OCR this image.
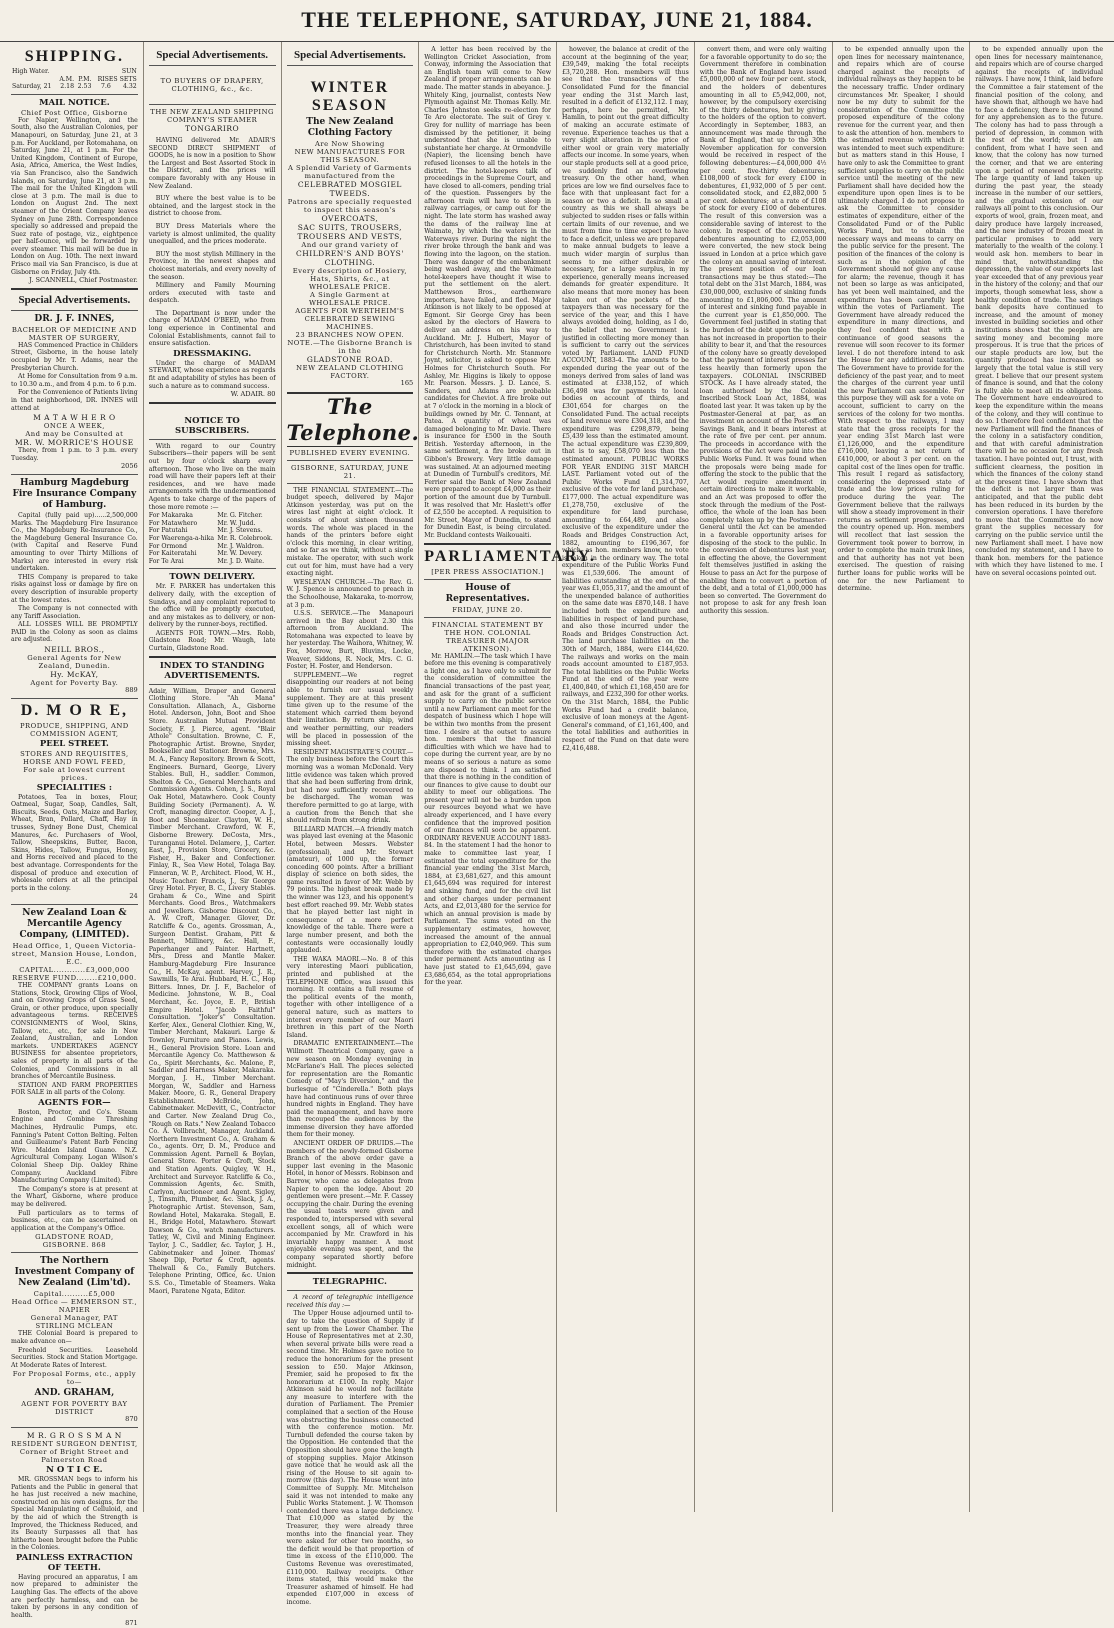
THE TELEPHONE, SATURDAY, JUNE 21, 1884.
SHIPPING.
High Water.			SUN	
	A.M.	P.M.	RISES SETS	
Saturday, 21	2.18	2.53	7.6	4.32
MAIL NOTICE.
Chief Post Office, Gisborne

For Napier, Wellington, and the South, also the Australian Colonies, per Manapouri, on Saturday, June 21, at 3 p.m. For Auckland, per Rotomahana, on Saturday, June 21, at 1 p.m. For the United Kingdom, Continent of Europe, Asia, Africa, America, the West Indies, via San Francisco, also the Sandwich Islands, on Saturday, June 21, at 3 p.m. The mail for the United Kingdom will close at 3 p.m. The mail is due to London on August 2nd. The next steamer of the Orient Company leaves Sydney on June 28th. Correspondence specially so addressed and prepaid the Suez rate of postage, viz., eightpence per half-ounce, will be forwarded by every steamer. This mail will be due in London on Aug. 10th. The next inward Frisco mail via San Francisco, is due at Gisborne on Friday, July 4th.

J. SCANNELL, Chief Postmaster.
Special Advertisements.
DR. J. F. INNES,
BACHELOR OF MEDICINE AND MASTER OF SURGERY,

HAS Commenced Practice in Childers Street, Gisborne, in the house lately occupied by Mr. T. Adams, near the Presbyterian Church.

At Home for Consultation from 9 a.m. to 10.30 a.m., and from 4 p.m. to 6 p.m.

For the Convenience of Patients living in that neighborhood, DR. INNES will attend at

M A T A W H E R O
ONCE A WEEK,
And may be Consulted at
MR. W. MORRICE'S HOUSE

There, from 1 p.m. to 3 p.m. every Tuesday.

2056
Hamburg Magdeburg Fire Insurance Company of Hamburg.

Capital (fully paid up)......2,500,000 Marks. The Magdeburg Fire Insurance Co., the Magdeburg Re-Insurance Co., the Magdeburg General Insurance Co. (with Capital and Reserve Fund amounting to over Thirty Millions of Marks) are interested in every risk undertaken.

THIS Company is prepared to take risks against loss or damage by fire on every description of insurable property at the lowest rates.

The Company is not connected with any Tariff Association.

ALL LOSSES WILL BE PROMPTLY PAID in the Colony as soon as claims are adjusted.

NEILL BROS.,
General Agents for New Zealand, Dunedin.
Hy. McKAY,
Agent for Poverty Bay.
889
D. M O R E,
PRODUCE, SHIPPING, AND COMMISSION AGENT,
PEEL STREET.
STORES AND REQUISITES, HORSE AND FOWL FEED,
For sale at lowest current prices.
SPECIALITIES :

Potatoes, Tea in boxes, Flour, Oatmeal, Sugar, Soap, Candles, Salt, Biscuits, Seeds, Oats, Maize and Barley, Wheat, Bran, Pollard, Chaff, Hay in trusses, Sydney Bone Dust, Chemical Manures, &c. Purchasers of Wool, Tallow, Sheepskins, Butter, Bacon, Skins, Hides, Tallow, Fungus, Honey, and Horns received and placed to the best advantage. Correspondents for the disposal of produce and execution of wholesale orders at all the principal ports in the colony.

24
New Zealand Loan & Mercantile Agency Company, (LIMITED).
Head Office, 1, Queen Victoria-street, Mansion House, London, E.C.
CAPITAL............£3,000,000
RESERVE FUND........£210,000.

THE COMPANY grants Loans on Stations, Stock, Growing Clips of Wool, and on Growing Crops of Grass Seed, Grain, or other produce, upon specially advantageous terms. RECEIVES CONSIGNMENTS of Wool, Skins, Tallow, etc., etc., for sale in New Zealand, Australian, and London markets. UNDERTAKES AGENCY BUSINESS for absentee proprietors, sales of property in all parts of the Colonies, and Commissions in all branches of Mercantile Business.

STATION AND FARM PROPERTIES FOR SALE in all parts of the Colony.

AGENTS FOR—

Boston, Proctor, and Co's. Steam Engine and Combine Threshing Machines, Hydraulic Pumps, etc. Fanning's Patent Cotton Belting. Felten and Guilleaume's Patent Barb Fencing Wire. Malden Island Guano. N.Z. Agricultural Company. Logan Wilson's Colonial Sheep Dip. Oakley Rhine Company. Auckland Fibre Manufacturing Company (Limited).

The Company's store is at present at the Wharf, Gisborne, where produce may be delivered.

Full particulars as to terms of business, etc., can be ascertained on application at the Company's Office.

GLADSTONE ROAD, GISBORNE. 868
The Northern Investment Company of New Zealand (Lim'td).
Capital..........£5,000
Head Office — EMMERSON ST., NAPIER
General Manager, PAT STIRLING MCLEAN

THE Colonial Board is prepared to make advance on—

Freehold Securities. Leasehold Securities. Stock and Station Mortgage. At Moderate Rates of Interest.

For Proposal Forms, etc., apply to—
AND. GRAHAM,
AGENT FOR POVERTY BAY DISTRICT
870
M R. G R O S S M A N
RESIDENT SURGEON DENTIST,
Corner of Bright Street and Palmerston Road
N O T I C E.

MR. GROSSMAN begs to inform his Patients and the Public in general that he has just received a new machine, constructed on his own designs, for the Special Manipulating of Celluloid, and by the aid of which the Strength is Improved, the Thickness Reduced, and its Beauty Surpasses all that has hitherto been brought before the Public in the Colonies.

PAINLESS EXTRACTION OF TEETH.

Having procured an apparatus, I am now prepared to administer the Laughing Gas. The effects of the above are perfectly harmless, and can be taken by persons in any condition of health.

871
Special Advertisements.
TO BUYERS OF DRAPERY, CLOTHING, &c., &c.
THE NEW ZEALAND SHIPPING COMPANY'S STEAMER
TONGARIRO

HAVING delivered Mr. ADAIR'S SECOND DIRECT SHIPMENT of GOODS, he is now in a position to Show the Largest and Best Assorted Stock in the District, and the prices will compare favorably with any House in New Zealand.

BUY where the best value is to be obtained, and the largest stock in the district to choose from.

BUY Dress Materials where the variety is almost unlimited, the quality unequalled, and the prices moderate.

BUY the most stylish Millinery in the Province, in the newest shapes and choicest materials, and every novelty of the season.

Millinery and Family Mourning orders executed with taste and despatch.

The Department is now under the charge of MADAM O'BEED, who from long experience in Continental and Colonial Establishments, cannot fail to ensure satisfaction.

DRESSMAKING.

Under the charge of MADAM STEWART, whose experience as regards fit and adaptability of styles has been of such a nature as to command success.

W. ADAIR. 80
NOTICE TO SUBSCRIBERS.

With regard to our Country Subscribers—their papers will be sent out by four o'clock sharp every afternoon. Those who live on the main road will have their papers left at their residences, and we have made arrangements with the undermentioned Agents to take charge of the papers of those more remote :—

For Makaraka	Mr. G. Fitcher.
For Matawhero	Mr. W. Judd.
For Patutahi	Mr. J. Stevens.
For Waerenga-a-hika	Mr. R. Colebrook.
For Ormond	Mr. J. Waldron.
For Kaiteratahi	Mr. W. Devery.
For Te Arai	Mr. J. D. Waite.
TOWN DELIVERY.

Mr. F. PARKER has undertaken this delivery daily, with the exception of Sundays, and any complaint reported to the office will be promptly executed, and any mistakes as to delivery, or non-delivery by the runner-boys, rectified.

AGENTS FOR TOWN.—Mrs. Robb, Gladstone Road; Mr. Waugh, late Curtain, Gladstone Road.

INDEX TO STANDING ADVERTISEMENTS.

Adair, William, Draper and General Clothing Store. "Ah Mana" Consultation. Allanach, A., Gisborne Hotel. Anderson, John, Boot and Shoe Store. Australian Mutual Provident Society, F. J. Pierce, agent. "Blair Athole" Consultation. Browne, C. F., Photographic Artist. Browne, Snyder, Bookseller and Stationer. Browne, Mrs. M. A., Fancy Repository. Brown & Scott, Engineers. Burnard, George, Livery Stables. Bull, H., saddler. Common, Shelton & Co., General Merchants and Commission Agents. Cohen, J. S., Royal Oak Hotel, Matawhero. Cook County Building Society (Permanent). A. W. Croft, managing director. Cooper, A. J., Boot and Shoemaker. Clayton, W. H., Timber Merchant. Crawford, W. F., Gisborne Brewery. DeCosta, Mrs., Turanganui Hotel. Delamere, J., Carter. East, J., Provision Store, Grocery, &c. Fisher, H., Baker and Confectioner. Finlay, R., Sea View Hotel, Tolaga Bay. Finneran, W. P., Architect. Flood, W. H., Music Teacher. Francis, J., Sir George Grey Hotel. Fryer, B. C., Livery Stables. Graham & Co., Wine and Spirit Merchants. Good Bros., Watchmakers and Jewellers. Gisborne Discount Co., A. W. Croft, Manager. Glover, Dr. Ratcliffe & Co., agents. Grossman, A., Surgeon Dentist. Graham, Pitt & Bennett, Millinery, &c. Hall, F., Paperhanger and Painter. Hartnett, Mrs., Dress and Mantle Maker. Hamburg-Magdeburg Fire Insurance Co., H. McKay, agent. Harvey, J. R., Sawmills, Te Arai. Hubbard, H. C., Hop Bitters. Innes, Dr. J. F., Bachelor of Medicine. Johnstone, W. B., Coal Merchant, &c. Joyce, E. P., British Empire Hotel. "Jacob Faithful" Consultation. "Joker's" Consultation. Kerfer, Alex., General Clothier. King, W., Timber Merchant, Makauri. Large & Townley, Furniture and Pianos. Lewis, H., General Provision Store. Loan and Mercantile Agency Co. Matthewson & Co., Spirit Merchants, &c. Malone, P., Saddler and Harness Maker, Makaraka. Morgan, J. H., Timber Merchant. Morgan, W., Saddler and Harness Maker. Moore, G. R., General Drapery Establishment. McBride, John, Cabinetmaker. McDevitt, C., Contractor and Carter. New Zealand Drug Co., "Rough on Rats." New Zealand Tobacco Co. A. Vollbracht, Manager, Auckland. Northern Investment Co., A. Graham & Co., agents. Orr, D. M., Produce and Commission Agent. Parnell & Boylan, General Store. Porter & Croft, Stock and Station Agents. Quigley, W. H., Architect and Surveyor. Ratcliffe & Co., Commission Agents, &c. Smith, Carlyon, Auctioneer and Agent. Sigley, J., Tinsmith, Plumber, &c. Slack, J. A., Photographic Artist. Stevenson, Sam, Rowland Hotel, Makaraka. Stegall, E. H., Bridge Hotel, Matawhero. Stewart Dawson & Co., watch manufacturers. Tatley, W., Civil and Mining Engineer. Taylor, J. C., Saddler, &c. Taylor, J. H., Cabinetmaker and Joiner. Thomas' Sheep Dip, Porter & Croft, agents. Thelwall & Co., Family Butchers. Telephone Printing, Office, &c. Union S.S. Co., Timetable of Steamers. Waka Maori, Paratene Ngata, Editor.

Special Advertisements.
WINTER SEASON
The New Zealand Clothing Factory
Are Now Showing
NEW MANUFACTURES FOR THIS SEASON.
A Splendid Variety of Garments manufactured from the
CELEBRATED MOSGIEL TWEEDS.
Patrons are specially requested to inspect this season's
OVERCOATS,
SAC SUITS, TROUSERS,
TROUSERS AND VESTS,
And our grand variety of
CHILDREN'S AND BOYS' CLOTHING.
Every description of Hosiery, Hats, Shirts, &c., at WHOLESALE PRICE.
A Single Garment at WHOLESALE PRICE.
AGENTS FOR WERTHEIM'S CELEBRATED SEWING MACHINES.
23 BRANCHES NOW OPEN.
NOTE.—The Gisborne Branch is in the
GLADSTONE ROAD.
NEW ZEALAND CLOTHING FACTORY.
165
The Telephone.
PUBLISHED EVERY EVENING.
GISBORNE, SATURDAY, JUNE 21.

THE FINANCIAL STATEMENT.—The budget speech, delivered by Major Atkinson yesterday, was put on the wires last night at eight o'clock. It consists of about sixteen thousand words. The whole was placed in the hands of the printers before eight o'clock this morning, in clear writing, and so far as we think, without a single mistake. The operator, with such work cut out for him, must have had a very exacting night.

WESLEYAN CHURCH.—The Rev. G. W. J. Spence is announced to preach in the Schoolhouse, Makaraka, to-morrow, at 3 p.m.

U.S.S. SERVICE.—The Manapouri arrived in the Bay about 2.30 this afternoon from Auckland. The Rotomahana was expected to leave by her yesterday. The Waihora, Whitney, W. Fox, Morrow, Burt, Bluvins, Locke, Weaver, Siddons, R. Nock, Mrs. C. G. Foster, H. Foster, and Henderson.

SUPPLEMENT.—We regret disappointing our readers at not being able to furnish our usual weekly supplement. They are at this present time given up to the resume of the statement which carried them beyond their limitation. By return ship, wind and weather permitting, our readers will be placed in possession of the missing sheet.

RESIDENT MAGISTRATE'S COURT.—The only business before the Court this morning was a woman McDonald. Very little evidence was taken which proved that she had been suffering from drink, but had now sufficiently recovered to be discharged. The woman was therefore permitted to go at large, with a caution from the Bench that she should refrain from strong drink.

BILLIARD MATCH.—A friendly match was played last evening at the Masonic Hotel, between Messrs. Webster (professional), and Mr. Stewart (amateur), of 1000 up, the former conceding 600 points. After a brilliant display of science on both sides, the game resulted in favor of Mr. Webb by 79 points. The highest break made by the winner was 123, and his opponent's best effort reached 99. Mr. Webb states that he played better last night in consequence of a more perfect knowledge of the table. There were a large number present, and both the contestants were occasionally loudly applauded.

THE WAKA MAORI.—No. 8 of this very interesting Maori publication, printed and published at the TELEPHONE Office, was issued this morning. It contains a full resume of the political events of the month, together with other intelligence of a general nature, such as matters to interest every member of our Maori brethren in this part of the North Island.

DRAMATIC ENTERTAINMENT.—The Willmott Theatrical Company, gave a new season on Monday evening in McFarlane's Hall. The pieces selected for representation are the Romantic Comedy of "May's Diversion," and the burlesque of "Cinderella." Both plays have had continuous runs of over three hundred nights in England. They have paid the management, and have more than recouped the audiences by the immense diversion they have afforded them for their money.

ANCIENT ORDER OF DRUIDS.—The members of the newly-formed Gisborne Branch of the above order gave a supper last evening in the Masonic Hotel, in honor of Messrs. Robinson and Barrow, who came as delegates from Napier to open the lodge. About 20 gentlemen were present.—Mr. F. Cassey occupying the chair. During the evening the usual toasts were given and responded to, interspersed with several excellent songs, all of which were accompanied by Mr. Crawford in his invariably happy manner. A most enjoyable evening was spent, and the company separated shortly before midnight.

TELEGRAPHIC.

A record of telegraphic intelligence received this day :—

The Upper House adjourned until to-day to take the question of Supply if sent up from the Lower Chamber. The House of Representatives met at 2.30, when several private bills were read a second time. Mr. Holmes gave notice to reduce the honorarium for the present session to £50. Major Atkinson, Premier, said he proposed to fix the honorarium at £100. In reply, Major Atkinson said he would not facilitate any measure to interfere with the duration of Parliament. The Premier complained that a section of the House was obstructing the business connected with the conference motion. Mr. Turnbull defended the course taken by the Opposition. He contended that the Opposition should have gone the length of stopping supplies. Major Atkinson gave notice that he would ask all the rising of the House to sit again to-morrow (this day). The House went into Committee of Supply. Mr. Mitchelson said it was not intended to make any Public Works Statement. J. W. Thomson contended there was a large deficiency. That £10,000 as stated by the Treasurer, they were already three months into the financial year. They were asked for other two months, so the deficit would be that proportion of time in excess of the £110,000. The Customs Revenue was overestimated, £110,000. Railway receipts. Other items stated, this would make the Treasurer ashamed of himself. He had expended £107,000 in excess of income.

A letter has been received by the Wellington Cricket Association, from Conway, informing the Association that an English team will come to New Zealand if proper arrangements can be made. The matter stands in abeyance. J. Whitely King, journalist, contests New Plymouth against Mr. Thomas Kelly. Mr. Charles Johnston seeks re-election for Te Aro electorate. The suit of Grey v. Grey for nullity of marriage has been dismissed by the petitioner, it being understood that she is unable to substantiate her charge. At Ormondville (Napier), the licensing bench have refused licenses to all the hotels in the district. The hotel-keepers talk of proceedings in the Supreme Court, and have closed to all-comers, pending trial of the question. Passengers by the afternoon train will have to sleep in railway carriages, or camp out for the night. The late storm has washed away the dams of the railway line at Waimate, by which the waters in the Waterways river. During the night the river broke through the bank and was flowing into the lagoon, on the station. There was danger of the embankment being washed away, and the Waimate hotel-keepers have thought it wise to put the settlement on the alert. Matthewson Bros., earthenware importers, have failed, and fled. Major Atkinson is not likely to be opposed at Egmont. Sir George Grey has been asked by the electors of Hawera to deliver an address on his way to Auckland. Mr. J. Hulbert, Mayor of Christchurch, has been invited to stand for Christchurch North. Mr. Stanmore Joynt, solicitor, is asked to oppose Mr. Holmes for Christchurch South. For Ashley, Mr. Higgins is likely to oppose Mr. Pearson. Messrs. J. D. Lance, S. Sanders, and Adams are probable candidates for Cheviot. A fire broke out at 7 o'clock in the morning in a block of buildings owned by Mr. C. Tennant, at Patea. A quantity of wheat was damaged belonging to Mr. Davie. There is insurance for £500 in the South British. Yesterday afternoon, in the same settlement, a fire broke out in Gibbon's Brewery. Very little damage was sustained. At an adjourned meeting at Dunedin of Turnbull's creditors, Mr. Ferrier said the Bank of New Zealand were prepared to accept £4,000 as their portion of the amount due by Turnbull. It was resolved that Mr. Haslett's offer of £2,550 be accepted. A requisition to Mr. Street, Mayor of Dunedin, to stand for Dunedin East, is being circulated. Mr. Buckland contests Waikouaiti.

PARLIAMENTARY.
[PER PRESS ASSOCIATION.]
House of Representatives.
FRIDAY, JUNE 20.
FINANCIAL STATEMENT BY THE HON. COLONIAL TREASURER (MAJOR ATKINSON).

Mr. HAMLIN.—The task which I have before me this evening is comparatively a light one, as I have only to submit for the consideration of committee the financial transactions of the past year, and ask for the grant of a sufficient supply to carry on the public service until a new Parliament can meet for the despatch of business which I hope will be within two months from the present time. I desire at the outset to assure hon. members that the financial difficulties with which we have had to cope during the current year, are by no means of so serious a nature as some are disposed to think. I am satisfied that there is nothing in the condition of our finances to give cause to doubt our ability to meet our obligations. The present year will not be a burden upon our resources beyond what we have already experienced, and I have every confidence that the improved position of our finances will soon be apparent. ORDINARY REVENUE ACCOUNT 1883-84. In the statement I had the honor to make to committee last year, I estimated the total expenditure for the financial year ending the 31st March, 1884, at £3,681,627, and this amount £1,645,694 was required for interest and sinking fund, and for the civil list and other charges under permanent Acts, and £2,013,480 for the service for which an annual provision is made by Parliament. The sums voted on the supplementary estimates, however, increased the amount of the annual appropriation to £2,040,969. This sum therefore with the estimated charges under permanent Acts amounting as I have just stated to £1,645,694, gave £3,686,654, as the total appropriations for the year.

however, the balance at credit of the account at the beginning of the year, £39,549, making the total receipts £3,720,288. Hon. members will thus see that the transactions of the Consolidated Fund for the financial year ending the 31st March last, resulted in a deficit of £132,112. I may, perhaps, here be permitted, Mr. Hamlin, to point out the great difficulty of making an accurate estimate of revenue. Experience teaches us that a very slight alteration in the price of either wool or grain very materially affects our income. In some years, when our staple products sell at a good price, we suddenly find an overflowing treasury. On the other hand, when prices are low we find ourselves face to face with that unpleasant fact for a season or two a deficit. In so small a country as this we shall always be subjected to sudden rises or falls within certain limits of our revenue, and we must from time to time expect to have to face a deficit, unless we are prepared to make annual budgets to leave a much wider margin of surplus than seems to me either desirable or necessary, for a large surplus, in my experience, generally means increased demands for greater expenditure. It also means that more money has been taken out of the pockets of the taxpayers than was necessary for the service of the year, and this I have always avoided doing, holding, as I do, the belief that no Government is justified in collecting more money than is sufficient to carry out the services voted by Parliament. LAND FUND ACCOUNT, 1883-4. The amounts to be expended during the year out of the moneys derived from sales of land was estimated at £338,152, of which £36,498 was for payments to local bodies on account of thirds, and £301,654 for charges on the Consolidated Fund. The actual receipts of land revenue were £304,318, and the expenditure was £298,879, being £5,439 less than the estimated amount. The actual expenditure was £239,809, that is to say, £58,070 less than the estimated amount. PUBLIC WORKS FOR YEAR ENDING 31ST MARCH LAST. Parliament voted out of the Public Works Fund £1,314,707, exclusive of the vote for land purchase, £177,000. The actual expenditure was £1,278,750, exclusive of the expenditure for land purchase, amounting to £64,489, and also exclusive of the expenditure under the Roads and Bridges Construction Act, 1882, amounting to £196,367, for which, as hon. members know, no vote is taken in the ordinary way. The total expenditure of the Public Works Fund was £1,539,606. The amount of liabilities outstanding at the end of the year was £1,055,317, and the amount of the unexpended balance of authorities on the same date was £870,148. I have included both the expenditure and liabilities in respect of land purchase, and also those incurred under the Roads and Bridges Construction Act. The land purchase liabilities on the 30th of March, 1884, were £144,620. The railways and works on the main roads account amounted to £187,953. The total liabilities on the Public Works Fund at the end of the year were £1,400,840, of which £1,168,450 are for railways, and £232,390 for other works. On the 31st March, 1884, the Public Works Fund had a credit balance, exclusive of loan moneys at the Agent-General's command, of £1,161,400, and the total liabilities and authorities in respect of the Fund on that date were £2,416,488.

convert them, and were only waiting for a favorable opportunity to do so; the Government therefore in combination with the Bank of England have issued £5,000,000 of new four per cent. stock, and the holders of debentures amounting in all to £5,942,000, not, however, by the compulsory exercising of the thirty debentures, but by giving to the holders of the option to convert. Accordingly in September, 1883, an announcement was made through the Bank of England, that up to the 30th November application for conversion would be received in respect of the following debentures:—£4,000,000 4½ per cent. five-thirty debentures; £108,000 of stock for every £100 in debentures, £1,932,000 of 5 per cent. consolidated stock, and £2,882,000 5 per cent. debentures; at a rate of £108 of stock for every £100 of debentures. The result of this conversion was a considerable saving of interest to the colony. In respect of the conversion, debentures amounting to £2,053,000 were converted, the new stock being issued in London at a price which gave the colony an annual saving of interest. The present position of our loan transactions may be thus stated:—The total debt on the 31st March, 1884, was £30,000,000, exclusive of sinking funds amounting to £1,806,000. The amount of interest and sinking fund payable in the current year is £1,850,000. The Government feel justified in stating that the burden of the debt upon the people has not increased in proportion to their ability to bear it, and that the resources of the colony have so greatly developed that the payment of interest presses far less heavily than formerly upon the taxpayers. COLONIAL INSCRIBED STOCK. As I have already stated, the loan authorised by the Colonial Inscribed Stock Loan Act, 1884, was floated last year. It was taken up by the Postmaster-General at par, as an investment on account of the Post-office Savings Bank, and it bears interest at the rate of five per cent. per annum. The proceeds in accordance with the provisions of the Act were paid into the Public Works Fund. It was found when the proposals were being made for offering the stock to the public that the Act would require amendment in certain directions to make it workable, and an Act was proposed to offer the stock through the medium of the Post-office, the whole of the loan has been completely taken up by the Postmaster-General until the Act can be amended in a favorable opportunity arises for disposing of the stock to the public. In the conversion of debentures last year, in effecting the above, the Government felt themselves justified in asking the House to pass an Act for the purpose of enabling them to convert a portion of the debt, and a total of £1,000,000 has been so converted. The Government do not propose to ask for any fresh loan authority this session.

to be expended annually upon the open lines for necessary maintenance, and repairs which are of course charged against the receipts of individual railways as they happen to be the necessary traffic. Under ordinary circumstances Mr. Speaker, I should now be my duty to submit for the consideration of the Committee the proposed expenditure of the colony revenue for the current year, and then to ask the attention of hon. members to the estimated revenue with which it was intended to meet such expenditure: but as matters stand in this House, I have only to ask the Committee to grant sufficient supplies to carry on the public service until the meeting of the new Parliament shall have decided how the expenditure upon open lines is to be ultimately charged. I do not propose to ask the Committee to consider estimates of expenditure, either of the Consolidated Fund or of the Public Works Fund, but to obtain the necessary ways and means to carry on the public service for the present. The position of the finances of the colony is such as in the opinion of the Government should not give any cause for alarm; the revenue, though it has not been so large as was anticipated, has yet been well maintained, and the expenditure has been carefully kept within the votes of Parliament. The Government have already reduced the expenditure in many directions, and they feel confident that with a continuance of good seasons the revenue will soon recover to its former level. I do not therefore intend to ask the House for any additional taxation. The Government have to provide for the deficiency of the past year, and to meet the charges of the current year until the new Parliament can assemble. For this purpose they will ask for a vote on account, sufficient to carry on the services of the colony for two months. With respect to the railways, I may state that the gross receipts for the year ending 31st March last were £1,126,000, and the expenditure £716,000, leaving a net return of £410,000, or about 3 per cent. on the capital cost of the lines open for traffic. This result I regard as satisfactory, considering the depressed state of trade and the low prices ruling for produce during the year. The Government believe that the railways will show a steady improvement in their returns as settlement progresses, and the country opened up. Hon. members will recollect that last session the Government took power to borrow, in order to complete the main trunk lines, and that authority has not yet been exercised. The question of raising further loans for public works will be one for the new Parliament to determine.

to be expended annually upon the open lines for necessary maintenance, and repairs which are of course charged against the receipts of individual railways. I have now, I think, laid before the Committee a fair statement of the financial position of the colony, and have shown that, although we have had to face a deficiency, there is no ground for any apprehension as to the future. The colony has had to pass through a period of depression, in common with the rest of the world; but I am confident, from what I have seen and know, that the colony has now turned the corner, and that we are entering upon a period of renewed prosperity. The large quantity of land taken up during the past year, the steady increase in the number of our settlers, and the gradual extension of our railways all point to this conclusion. Our exports of wool, grain, frozen meat, and dairy produce have largely increased, and the new industry of frozen meat in particular promises to add very materially to the wealth of the colony. I would ask hon. members to bear in mind that, notwithstanding the depression, the value of our exports last year exceeded that of any previous year in the history of the colony; and that our imports, though somewhat less, show a healthy condition of trade. The savings bank deposits have continued to increase, and the amount of money invested in building societies and other institutions shows that the people are saving money and becoming more prosperous. It is true that the prices of our staple products are low, but the quantity produced has increased so largely that the total value is still very great. I believe that our present system of finance is sound, and that the colony is fully able to meet all its obligations. The Government have endeavoured to keep the expenditure within the means of the colony, and they will continue to do so. I therefore feel confident that the new Parliament will find the finances of the colony in a satisfactory condition, and that with careful administration there will be no occasion for any fresh taxation. I have pointed out, I trust, with sufficient clearness, the position in which the finances of the colony stand at the present time. I have shown that the deficit is not larger than was anticipated, and that the public debt has been reduced in its burden by the conversion operations. I have therefore to move that the Committee do now grant the supplies necessary for carrying on the public service until the new Parliament shall meet. I have now concluded my statement, and I have to thank hon. members for the patience with which they have listened to me. I have on several occasions pointed out.
